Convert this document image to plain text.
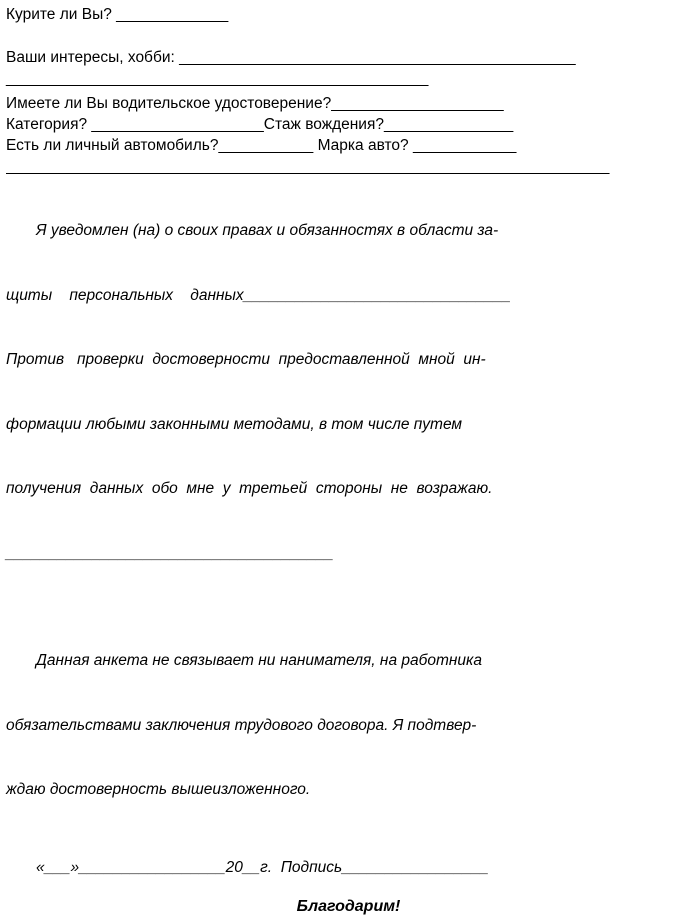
Курите ли Вы? _____________
Ваши интересы, хобби: ______________________________________________
_________________________________________________
Имеете ли Вы водительское удостоверение?____________________
Категория? ____________________Стаж вождения?_______________
Есть ли личный автомобиль?___________ Марка авто? ____________
______________________________________________________________________

Я уведомлен (на) о своих правах и обязанностях в области за-

щиты    персональных    данных_______________________________

Против   проверки  достоверности  предоставленной  мной  ин-

формации любыми законными методами, в том числе путем

получения  данных  обо  мне  у  третьей  стороны  не  возражаю.

______________________________________

Данная анкета не связывает ни нанимателя, на работника

обязательствами заключения трудового договора. Я подтвер-

ждаю достоверность вышеизложенного.

«___»_________________20__г.  Подпись_________________
Благодарим!
